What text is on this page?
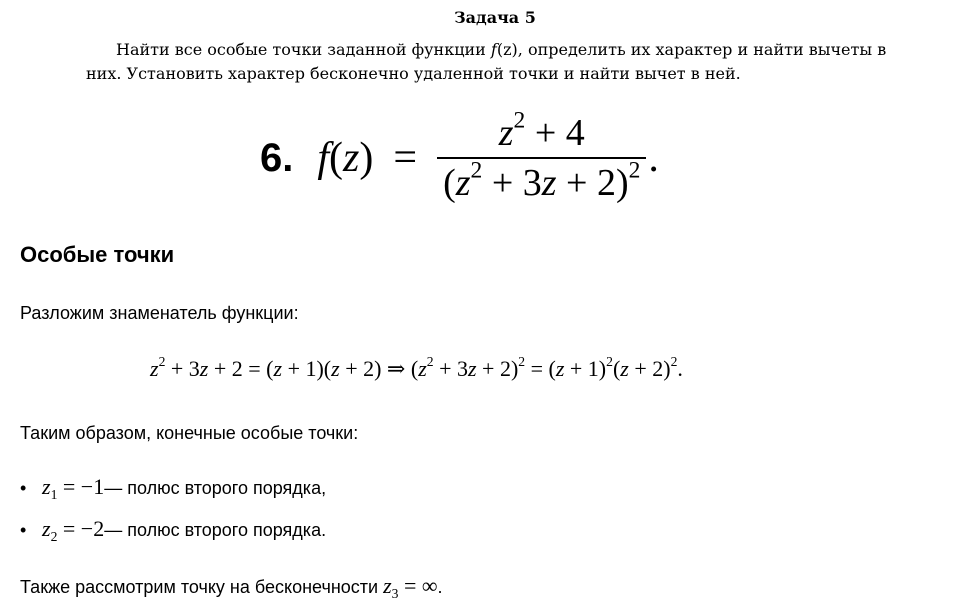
Задача 5
Найти все особые точки заданной функции f(z), определить их характер и найти вычеты в них. Установить характер бесконечно удаленной точки и найти вычет в ней.
6. $f(z) = \frac{z^2 + 4}{(z^2 + 3z + 2)^2}$ .
Особые точки
Разложим знаменатель функции:
$z^2 + 3z + 2 = (z + 1)(z + 2)$ ⇒ $(z^2 + 3z + 2)^2 = (z + 1)^2(z + 2)^2$.
Таким образом, конечные особые точки:
• $z_1 = -1$ — полюс второго порядка,
• $z_2 = -2$ — полюс второго порядка.
Также рассмотрим точку на бесконечности $z_3$ = ∞.
